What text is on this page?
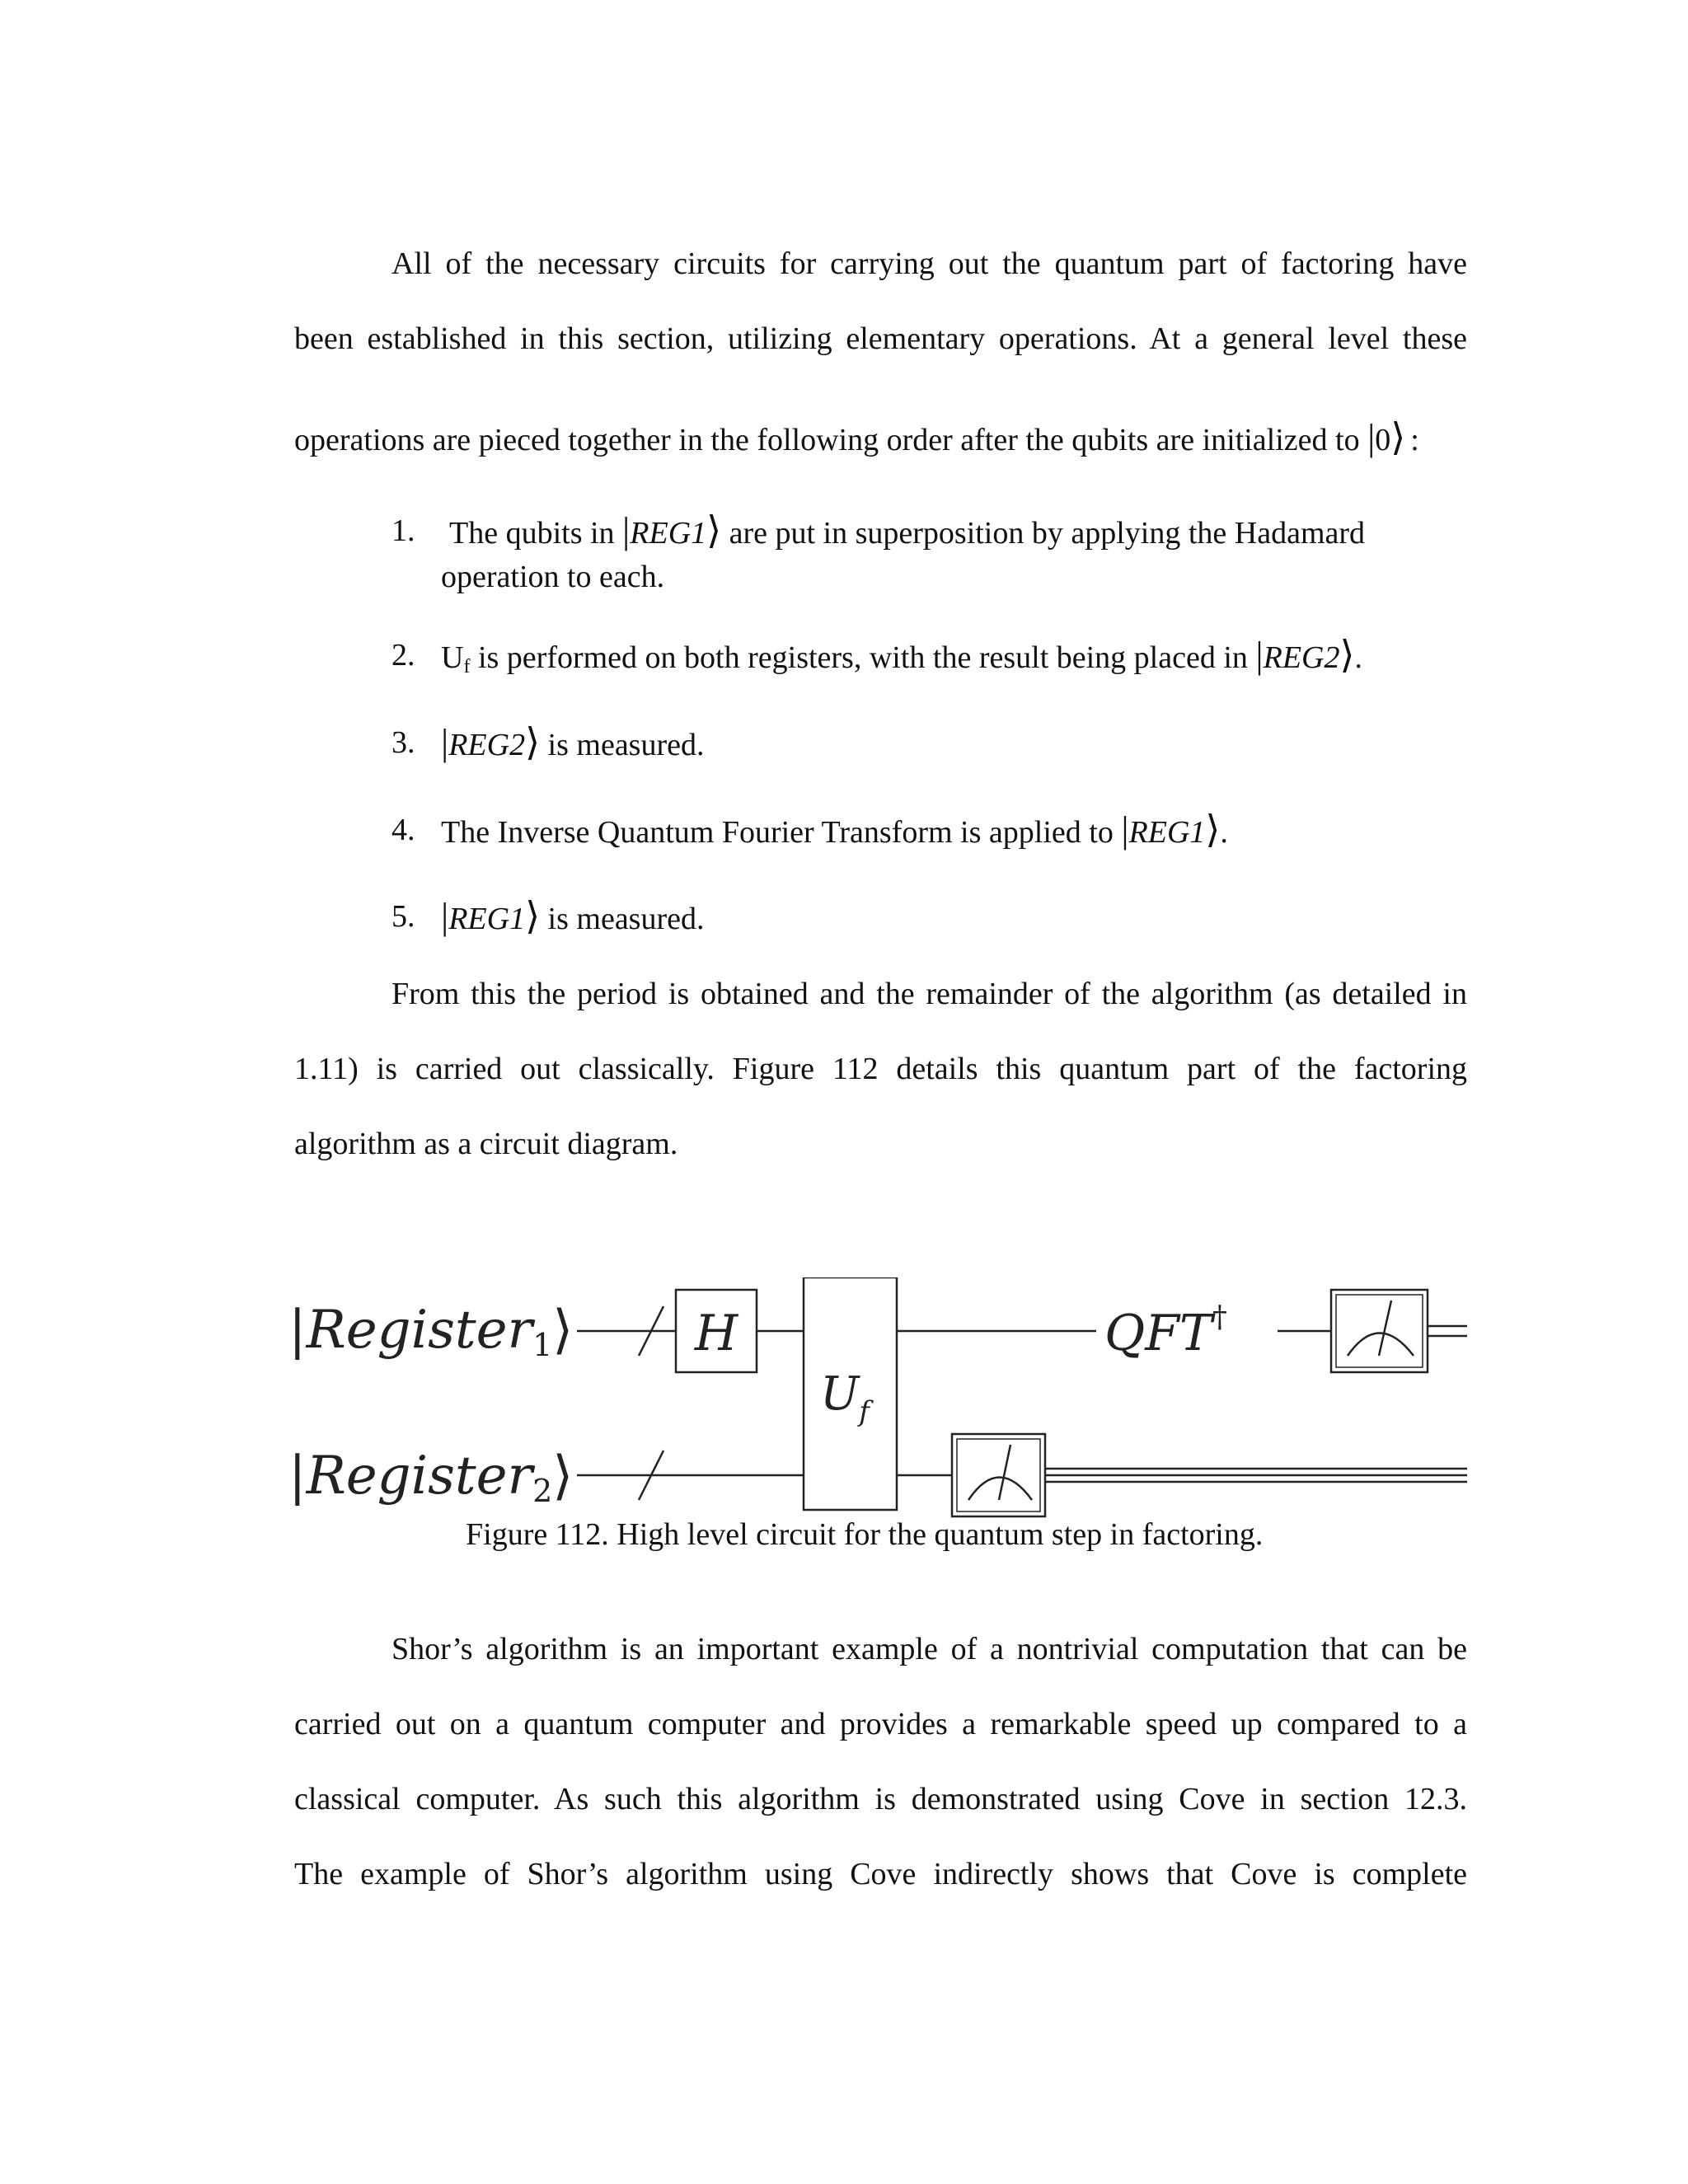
All of the necessary circuits for carrying out the quantum part of factoring have
been established in this section, utilizing elementary operations. At a general level these
operations are pieced together in the following order after the qubits are initialized to |0⟩ :
1. The qubits in |REG1⟩ are put in superposition by applying the Hadamard
operation to each.
2. $U_f$ is performed on both registers, with the result being placed in |REG2⟩.
3. |REG2⟩ is measured.
4. The Inverse Quantum Fourier Transform is applied to |REG1⟩.
5. |REG1⟩ is measured.
From this the period is obtained and the remainder of the algorithm (as detailed in
1.11) is carried out classically. Figure 112 details this quantum part of the factoring
algorithm as a circuit diagram.
|Register1⟩
|Register2⟩
H
$U_f$
QFT†
Figure 112. High level circuit for the quantum step in factoring.
Shor’s algorithm is an important example of a nontrivial computation that can be
carried out on a quantum computer and provides a remarkable speed up compared to a
classical computer. As such this algorithm is demonstrated using Cove in section 12.3.
The example of Shor’s algorithm using Cove indirectly shows that Cove is complete
